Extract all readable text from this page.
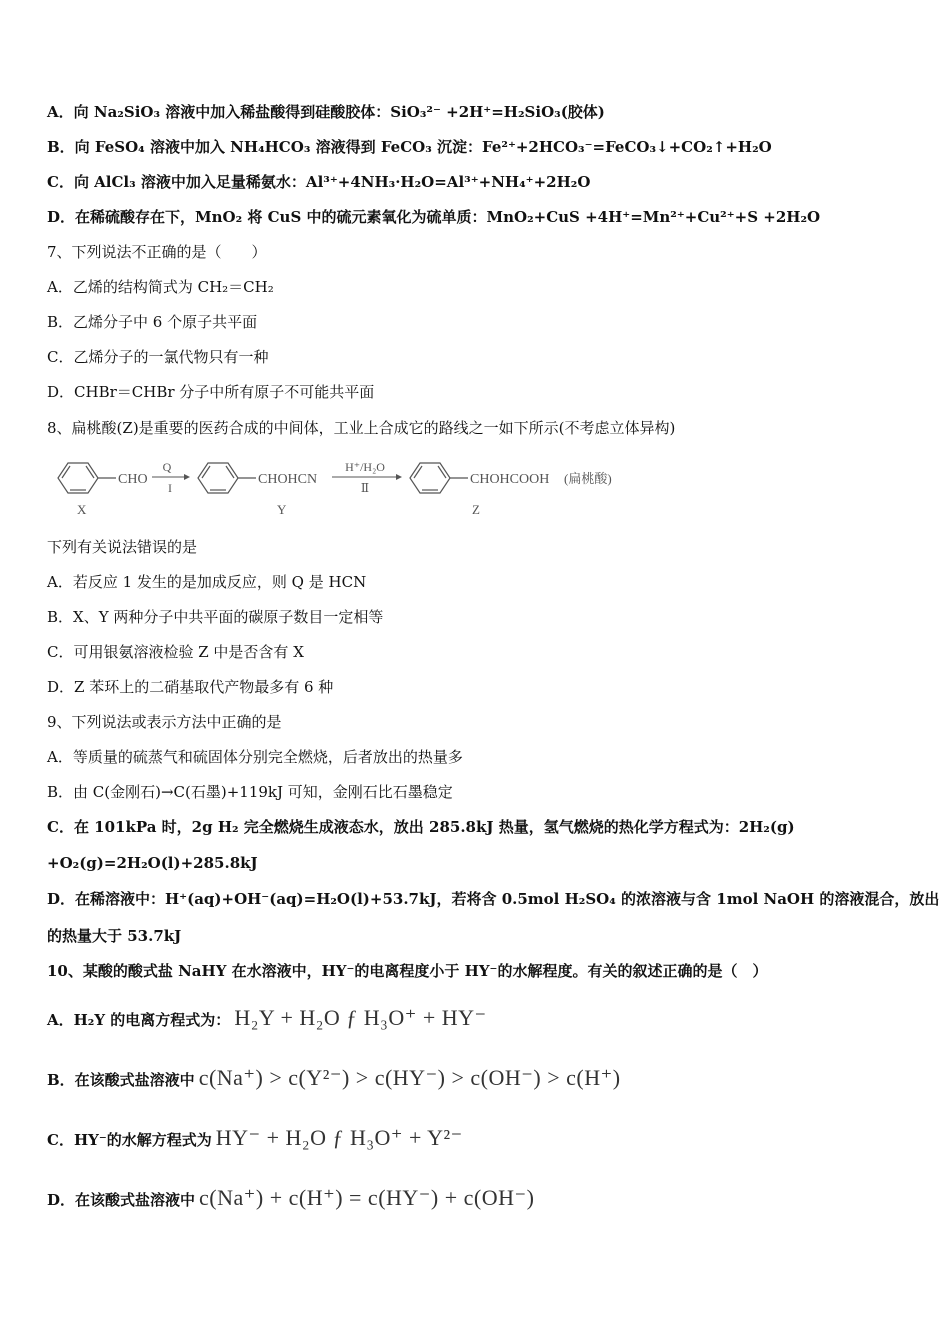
A．向 Na₂SiO₃ 溶液中加入稀盐酸得到硅酸胶体：SiO₃²⁻ +2H⁺=H₂SiO₃(胶体)
B．向 FeSO₄ 溶液中加入 NH₄HCO₃ 溶液得到 FeCO₃ 沉淀：Fe²⁺+2HCO₃⁻=FeCO₃↓+CO₂↑+H₂O
C．向 AlCl₃ 溶液中加入足量稀氨水：Al³⁺+4NH₃·H₂O=Al³⁺+NH₄⁺+2H₂O
D．在稀硫酸存在下，MnO₂ 将 CuS 中的硫元素氧化为硫单质：MnO₂+CuS +4H⁺=Mn²⁺+Cu²⁺+S +2H₂O
7、下列说法不正确的是（　　）
A．乙烯的结构简式为 CH₂＝CH₂
B．乙烯分子中 6 个原子共平面
C．乙烯分子的一氯代物只有一种
D．CHBr＝CHBr 分子中所有原子不可能共平面
8、扁桃酸(Z)是重要的医药合成的中间体，工业上合成它的路线之一如下所示(不考虑立体异构)
CHO
X
Q
I
CHOHCN
Y
H⁺/H₂O
Ⅱ
CHOHCOOH (扁桃酸)
Z
下列有关说法错误的是
A．若反应 1 发生的是加成反应，则 Q 是 HCN
B．X、Y 两种分子中共平面的碳原子数目一定相等
C．可用银氨溶液检验 Z 中是否含有 X
D．Z 苯环上的二硝基取代产物最多有 6 种
9、下列说法或表示方法中正确的是
A．等质量的硫蒸气和硫固体分别完全燃烧，后者放出的热量多
B．由 C(金刚石)→C(石墨)+119kJ 可知，金刚石比石墨稳定
C．在 101kPa 时，2g H₂ 完全燃烧生成液态水，放出 285.8kJ 热量，氢气燃烧的热化学方程式为：2H₂(g)
+O₂(g)=2H₂O(l)+285.8kJ
D．在稀溶液中：H⁺(aq)+OH⁻(aq)=H₂O(l)+53.7kJ，若将含 0.5mol H₂SO₄ 的浓溶液与含 1mol NaOH 的溶液混合，放出
的热量大于 53.7kJ
10、某酸的酸式盐 NaHY 在水溶液中，HY⁻的电离程度小于 HY⁻的水解程度。有关的叙述正确的是（　）
A．H₂Y 的电离方程式为： H₂Y + H₂O ƒ H₃O⁺ + HY⁻
B．在该酸式盐溶液中 c(Na⁺) > c(Y²⁻) > c(HY⁻) > c(OH⁻) > c(H⁺)
C．HY⁻的水解方程式为 HY⁻ + H₂O ƒ H₃O⁺ + Y²⁻
D．在该酸式盐溶液中 c(Na⁺) + c(H⁺) = c(HY⁻) + c(OH⁻)
